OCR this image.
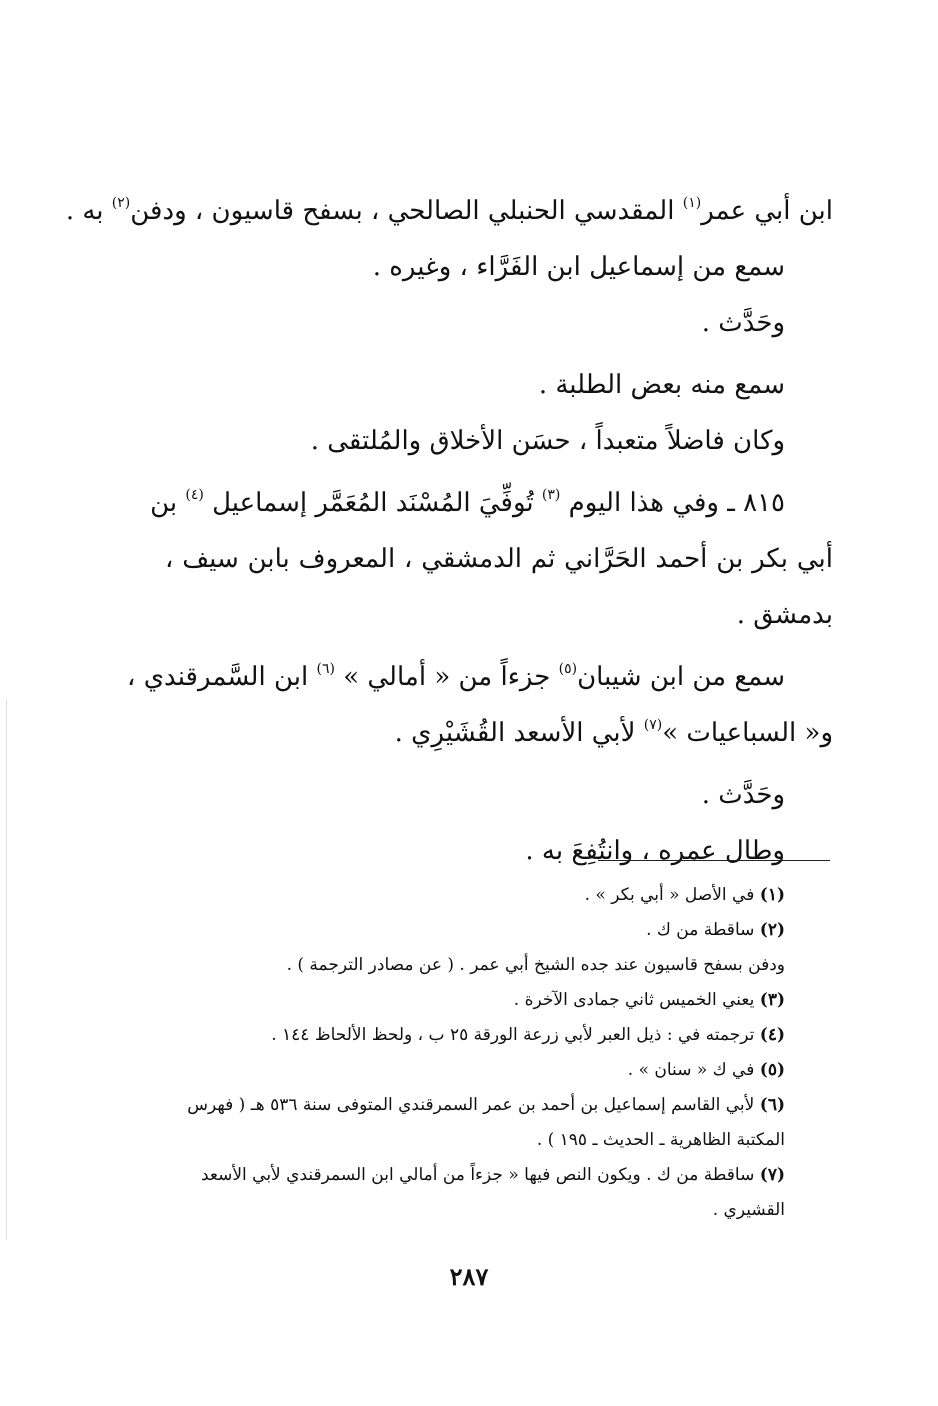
ابن أبي عمر$^{(١)}$ المقدسي الحنبلي الصالحي ، بسفح قاسيون ، ودفن$^{(٢)}$ به .
سمع من إسماعيل ابن الفَرَّاء ، وغيره .
وحَدَّث .
سمع منه بعض الطلبة .
وكان فاضلاً متعبداً ، حسَن الأخلاق والمُلتقى .
٨١٥ ـ وفي هذا اليوم $^{(٣)}$ تُوفِّيَ المُسْنَد المُعَمَّر إسماعيل $^{(٤)}$ بن
أبي بكر بن أحمد الحَرَّاني ثم الدمشقي ، المعروف بابن سيف ،
بدمشق .
سمع من ابن شيبان$^{(٥)}$ جزءاً من « أمالي » $^{(٦)}$ ابن السَّمرقندي ،
و« السباعيات »$^{(٧)}$ لأبي الأسعد القُشَيْرِي .
وحَدَّث .
وطال عمره ، وانتُفِعَ به .
(١) في الأصل « أبي بكر » .
(٢) ساقطة من ك .
ودفن بسفح قاسيون عند جده الشيخ أبي عمر . ( عن مصادر الترجمة ) .
(٣) يعني الخميس ثاني جمادى الآخرة .
(٤) ترجمته في : ذيل العبر لأبي زرعة الورقة ٢٥ ب ، ولحظ الألحاظ ١٤٤ .
(٥) في ك « سنان » .
(٦) لأبي القاسم إسماعيل بن أحمد بن عمر السمرقندي المتوفى سنة ٥٣٦ هـ ( فهرس المكتبة الظاهرية ـ الحديث ـ ١٩٥ ) .
(٧) ساقطة من ك . ويكون النص فيها « جزءاً من أمالي ابن السمرقندي لأبي الأسعد القشيري .
٢٨٧
